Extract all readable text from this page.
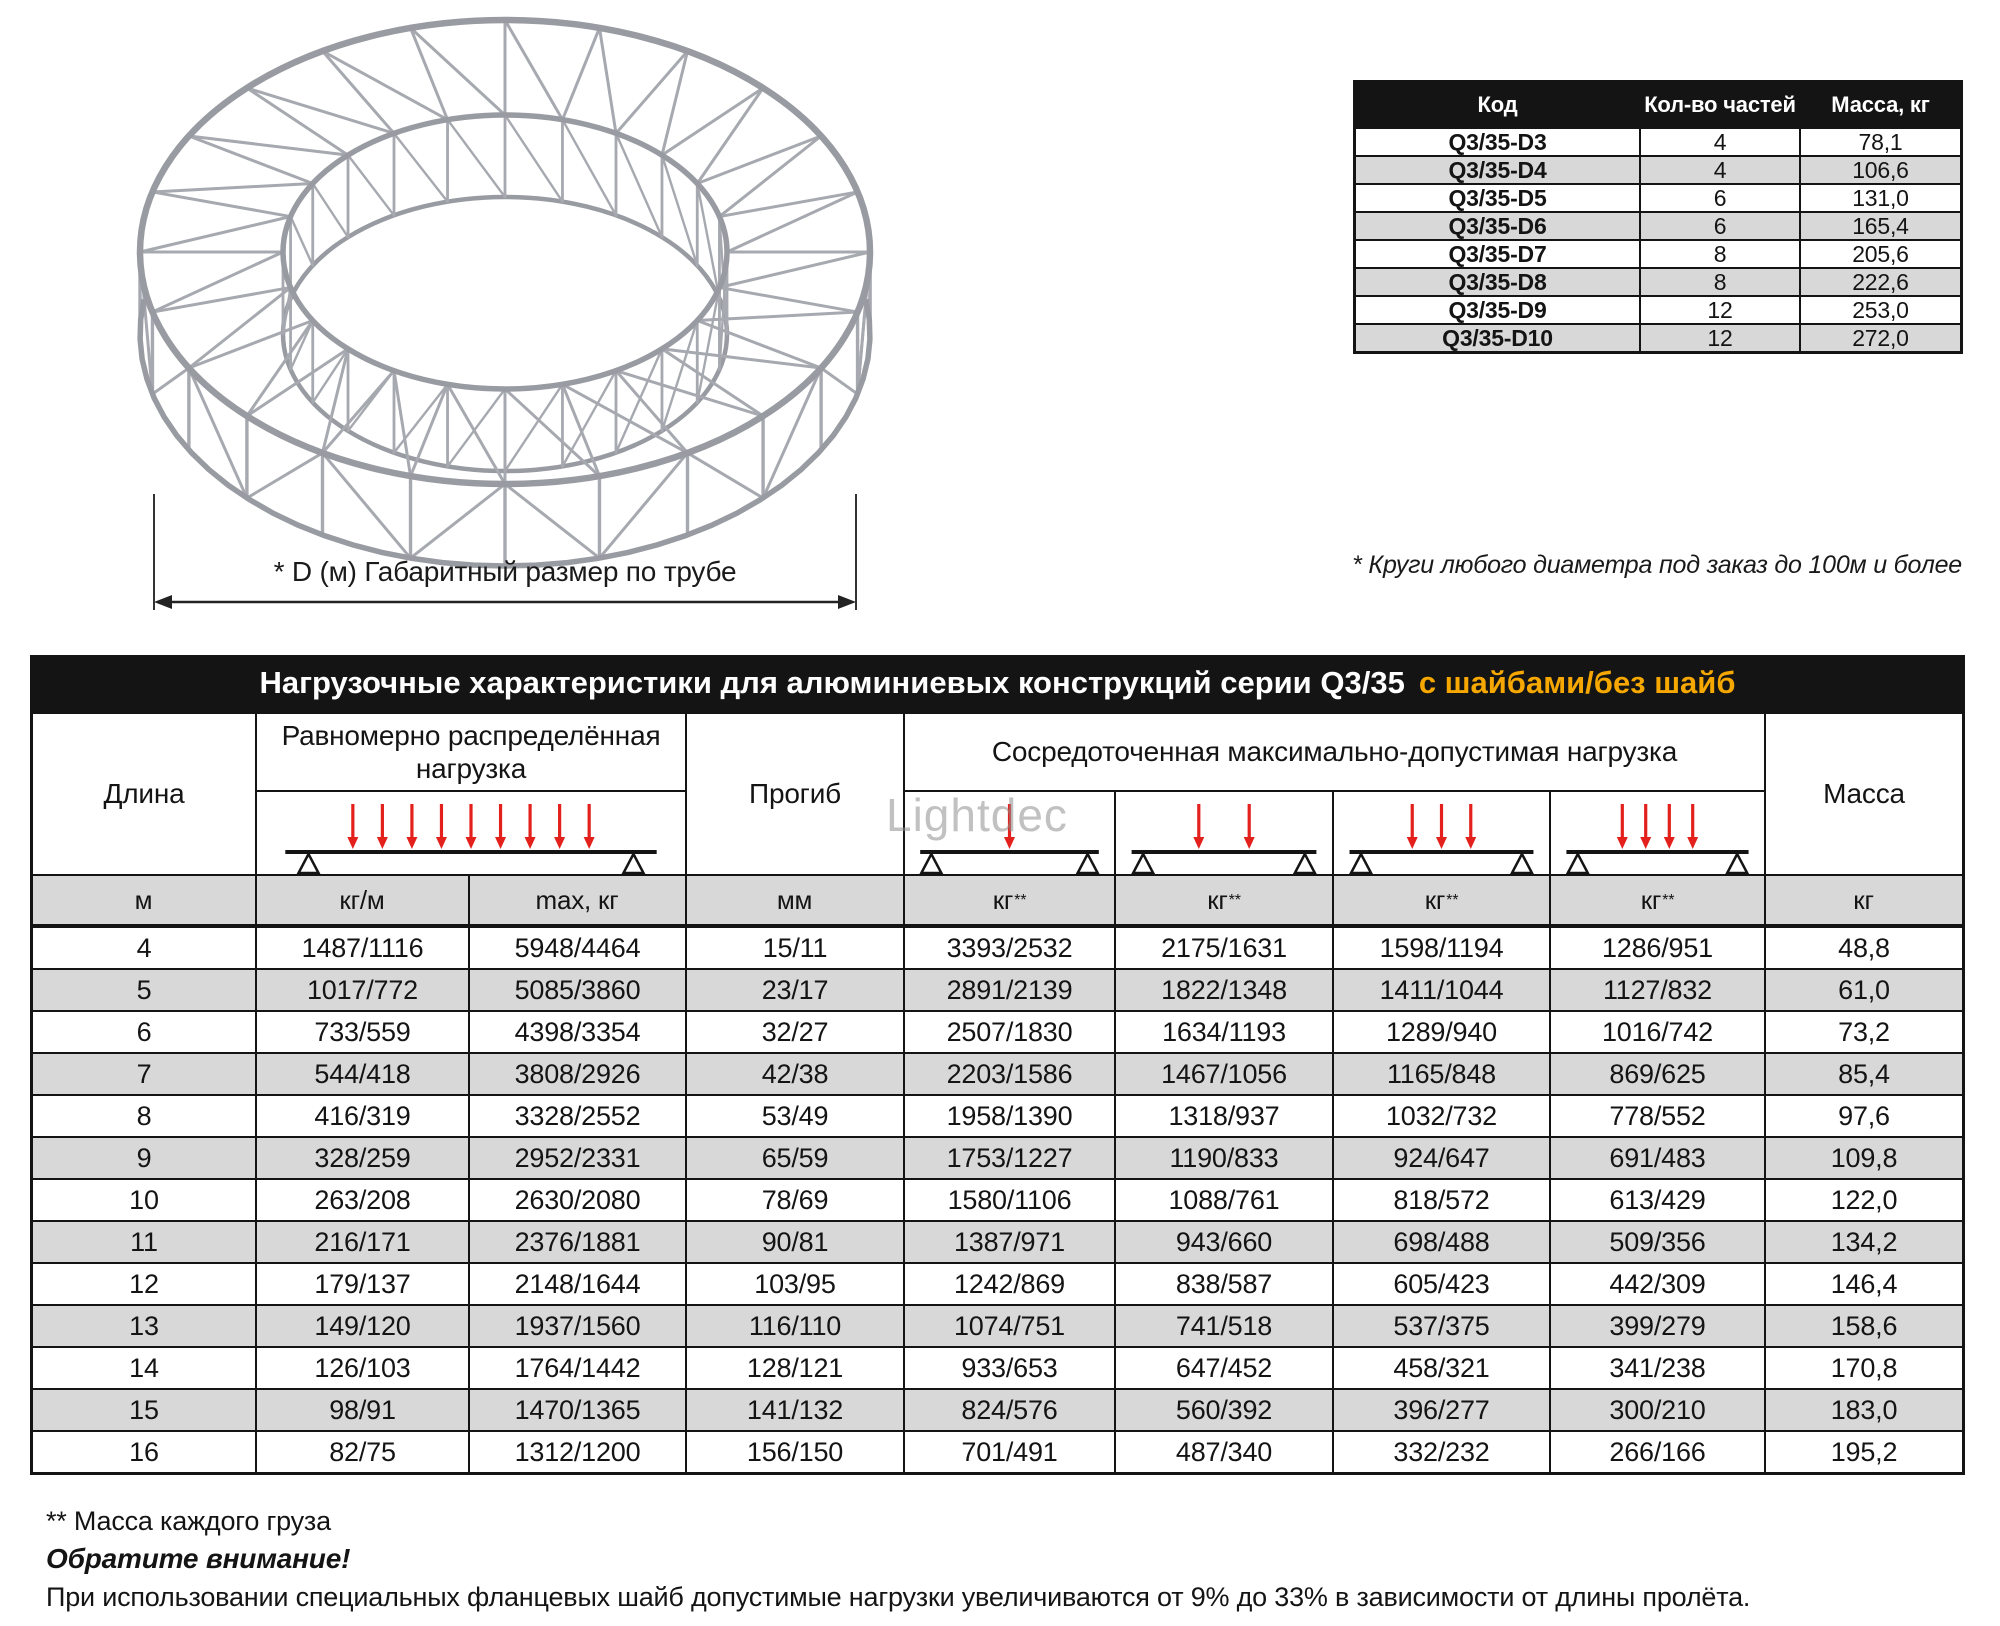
* D (м) Габаритный размер по трубе
Код	Кол-во частей	Масса, кг
Q3/35-D3	4	78,1
Q3/35-D4	4	106,6
Q3/35-D5	6	131,0
Q3/35-D6	6	165,4
Q3/35-D7	8	205,6
Q3/35-D8	8	222,6
Q3/35-D9	12	253,0
Q3/35-D10	12	272,0
* Круги любого диаметра под заказ до 100м и более
Нагрузочные характеристики для алюминиевых конструкций серии Q3/35 с шайбами/без шайб
Длина
Равномерно распределённая нагрузка
Прогиб
Сосредоточенная максимально-допустимая нагрузка
Масса
м	кг/м	max, кг	мм	кг **	кг **	кг **	кг **	кг
4	1487/1116	5948/4464	15/11	3393/2532	2175/1631	1598/1194	1286/951	48,8
5	1017/772	5085/3860	23/17	2891/2139	1822/1348	1411/1044	1127/832	61,0
6	733/559	4398/3354	32/27	2507/1830	1634/1193	1289/940	1016/742	73,2
7	544/418	3808/2926	42/38	2203/1586	1467/1056	1165/848	869/625	85,4
8	416/319	3328/2552	53/49	1958/1390	1318/937	1032/732	778/552	97,6
9	328/259	2952/2331	65/59	1753/1227	1190/833	924/647	691/483	109,8
10	263/208	2630/2080	78/69	1580/1106	1088/761	818/572	613/429	122,0
11	216/171	2376/1881	90/81	1387/971	943/660	698/488	509/356	134,2
12	179/137	2148/1644	103/95	1242/869	838/587	605/423	442/309	146,4
13	149/120	1937/1560	116/110	1074/751	741/518	537/375	399/279	158,6
14	126/103	1764/1442	128/121	933/653	647/452	458/321	341/238	170,8
15	98/91	1470/1365	141/132	824/576	560/392	396/277	300/210	183,0
16	82/75	1312/1200	156/150	701/491	487/340	332/232	266/166	195,2
Lightdec
** Масса каждого груза
Обратите внимание!
При использовании специальных фланцевых шайб допустимые нагрузки увеличиваются от 9% до 33% в зависимости от длины пролёта.
